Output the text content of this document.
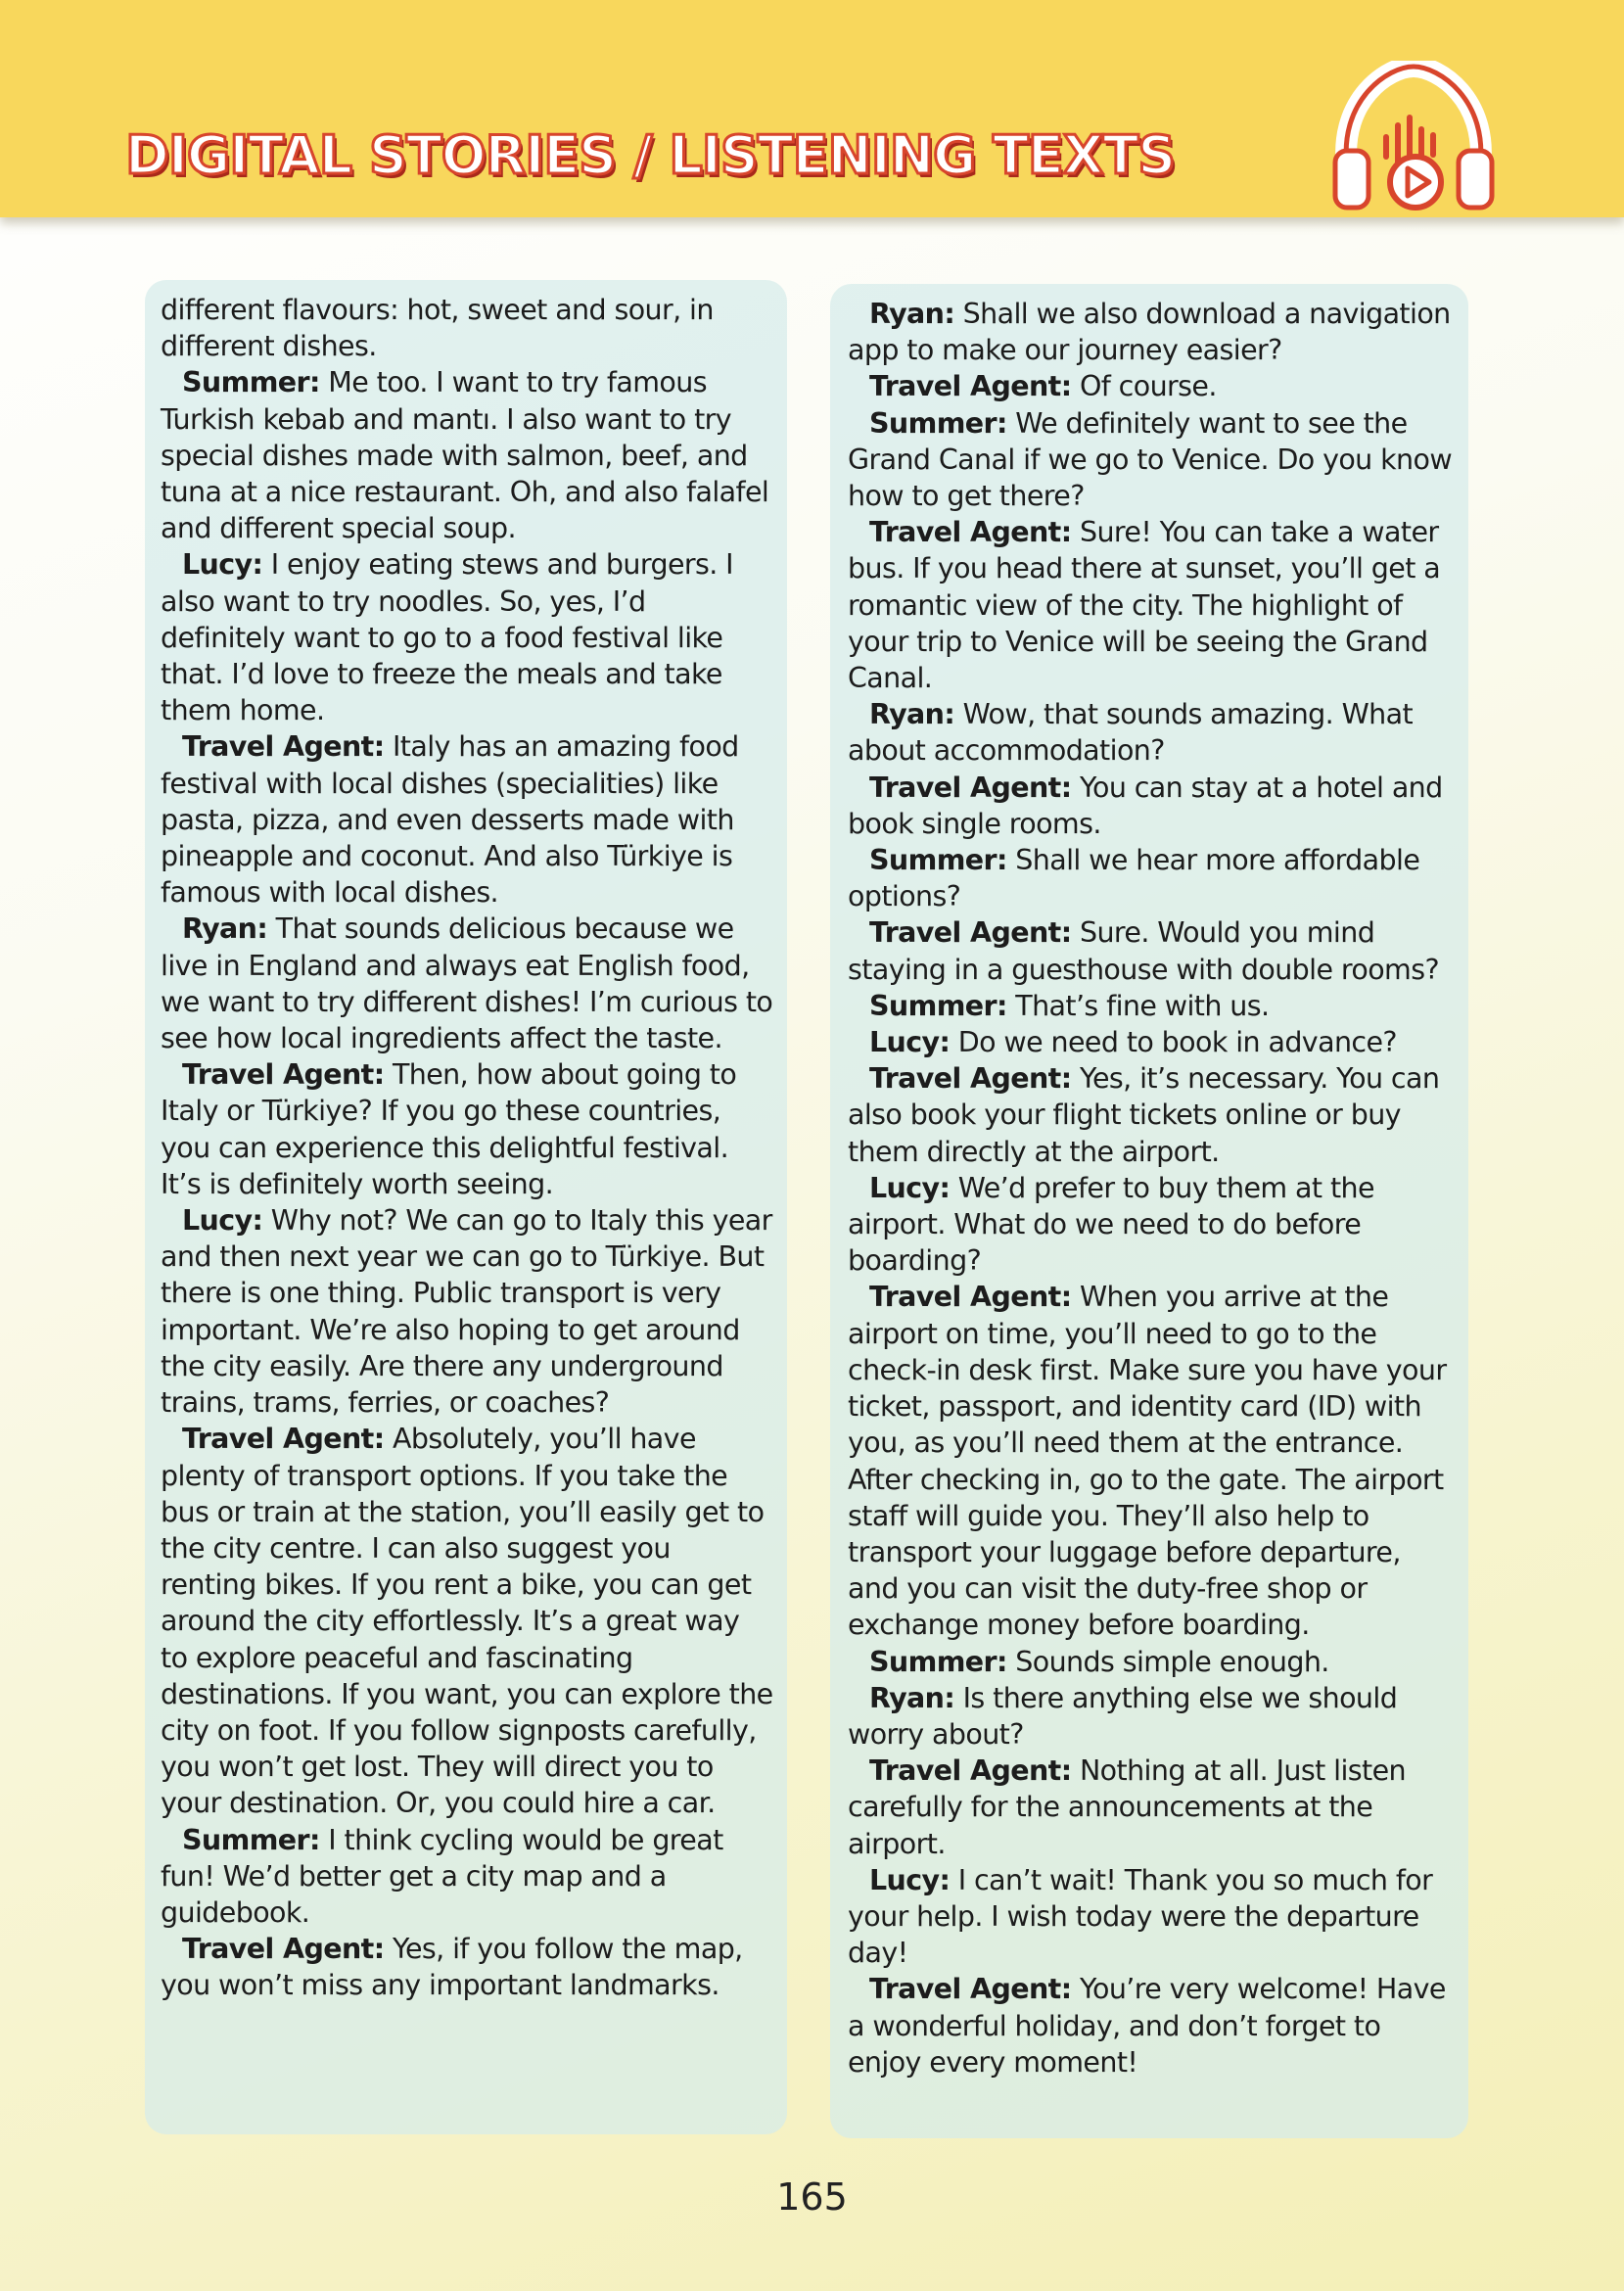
DIGITAL STORIES / LISTENING TEXTS

different flavours: hot, sweet and sour, in different dishes.

Summer: Me too. I want to try famous Turkish kebab and mantı. I also want to try special dishes made with salmon, beef, and tuna at a nice restaurant. Oh, and also falafel and different special soup.

Lucy: I enjoy eating stews and burgers. I also want to try noodles. So, yes, I’d definitely want to go to a food festival like that. I’d love to freeze the meals and take them home.

Travel Agent: Italy has an amazing food festival with local dishes (specialities) like pasta, pizza, and even desserts made with pineapple and coconut. And also Türkiye is famous with local dishes.

Ryan: That sounds delicious because we live in England and always eat English food, we want to try different dishes! I’m curious to see how local ingredients affect the taste.

Travel Agent: Then, how about going to Italy or Türkiye? If you go these countries, you can experience this delightful festival. It’s is definitely worth seeing.

Lucy: Why not? We can go to Italy this year and then next year we can go to Türkiye. But there is one thing. Public transport is very important. We’re also hoping to get around the city easily. Are there any underground trains, trams, ferries, or coaches?

Travel Agent: Absolutely, you’ll have plenty of transport options. If you take the bus or train at the station, you’ll easily get to the city centre. I can also suggest you renting bikes. If you rent a bike, you can get around the city effortlessly. It’s a great way to explore peaceful and fascinating destinations. If you want, you can explore the city on foot. If you follow signposts carefully, you won’t get lost. They will direct you to your destination. Or, you could hire a car.

Summer: I think cycling would be great fun! We’d better get a city map and a guidebook.

Travel Agent: Yes, if you follow the map, you won’t miss any important landmarks.

Ryan: Shall we also download a navigation app to make our journey easier?

Travel Agent: Of course.

Summer: We definitely want to see the Grand Canal if we go to Venice. Do you know how to get there?

Travel Agent: Sure! You can take a water bus. If you head there at sunset, you’ll get a romantic view of the city. The highlight of your trip to Venice will be seeing the Grand Canal.

Ryan: Wow, that sounds amazing. What about accommodation?

Travel Agent: You can stay at a hotel and book single rooms.

Summer: Shall we hear more affordable options?

Travel Agent: Sure. Would you mind staying in a guesthouse with double rooms?

Summer: That’s fine with us.

Lucy: Do we need to book in advance?

Travel Agent: Yes, it’s necessary. You can also book your flight tickets online or buy them directly at the airport.

Lucy: We’d prefer to buy them at the airport. What do we need to do before boarding?

Travel Agent: When you arrive at the airport on time, you’ll need to go to the check-in desk first. Make sure you have your ticket, passport, and identity card (ID) with you, as you’ll need them at the entrance. After checking in, go to the gate. The airport staff will guide you. They’ll also help to transport your luggage before departure, and you can visit the duty-free shop or exchange money before boarding.

Summer: Sounds simple enough.

Ryan: Is there anything else we should worry about?

Travel Agent: Nothing at all. Just listen carefully for the announcements at the airport.

Lucy: I can’t wait! Thank you so much for your help. I wish today were the departure day!

Travel Agent: You’re very welcome! Have a wonderful holiday, and don’t forget to enjoy every moment!

165
